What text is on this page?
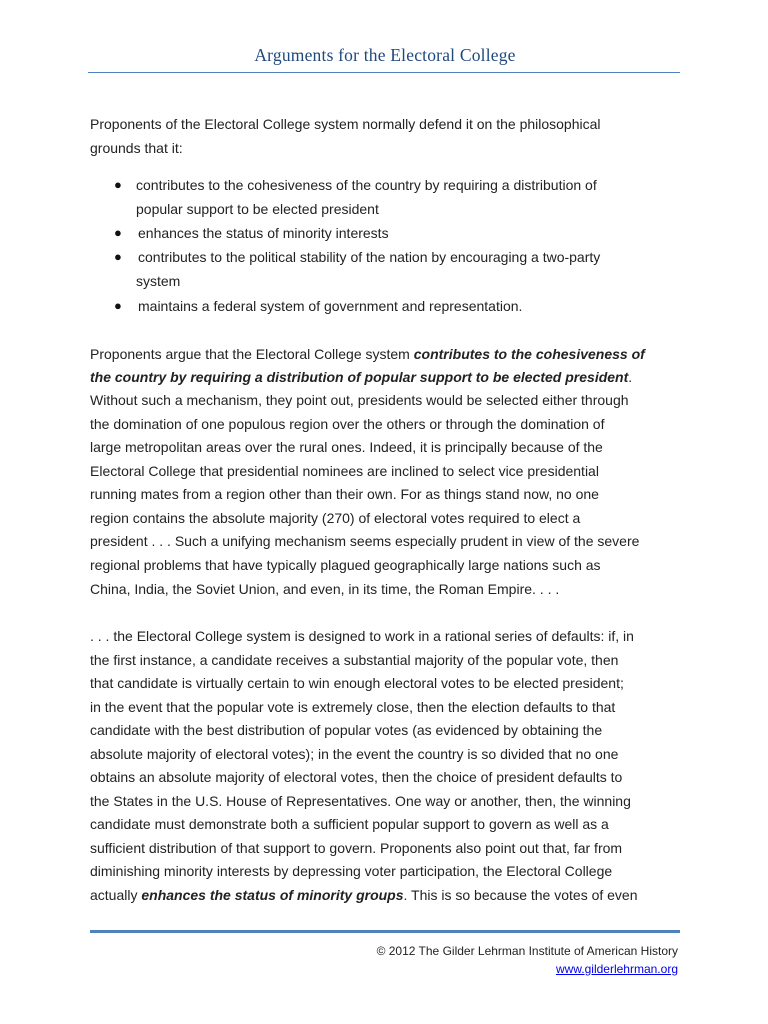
Arguments for the Electoral College
Proponents of the Electoral College system normally defend it on the philosophical
grounds that it:
● contributes to the cohesiveness of the country by requiring a distribution of
popular support to be elected president
● enhances the status of minority interests
● contributes to the political stability of the nation by encouraging a two-party
system
● maintains a federal system of government and representation.
Proponents argue that the Electoral College system contributes to the cohesiveness of
the country by requiring a distribution of popular support to be elected president.
Without such a mechanism, they point out, presidents would be selected either through
the domination of one populous region over the others or through the domination of
large metropolitan areas over the rural ones. Indeed, it is principally because of the
Electoral College that presidential nominees are inclined to select vice presidential
running mates from a region other than their own. For as things stand now, no one
region contains the absolute majority (270) of electoral votes required to elect a
president . . . Such a unifying mechanism seems especially prudent in view of the severe
regional problems that have typically plagued geographically large nations such as
China, India, the Soviet Union, and even, in its time, the Roman Empire. . . .
. . . the Electoral College system is designed to work in a rational series of defaults: if, in
the first instance, a candidate receives a substantial majority of the popular vote, then
that candidate is virtually certain to win enough electoral votes to be elected president;
in the event that the popular vote is extremely close, then the election defaults to that
candidate with the best distribution of popular votes (as evidenced by obtaining the
absolute majority of electoral votes); in the event the country is so divided that no one
obtains an absolute majority of electoral votes, then the choice of president defaults to
the States in the U.S. House of Representatives. One way or another, then, the winning
candidate must demonstrate both a sufficient popular support to govern as well as a
sufficient distribution of that support to govern. Proponents also point out that, far from
diminishing minority interests by depressing voter participation, the Electoral College
actually enhances the status of minority groups. This is so because the votes of even
© 2012 The Gilder Lehrman Institute of American History
www.gilderlehrman.org
